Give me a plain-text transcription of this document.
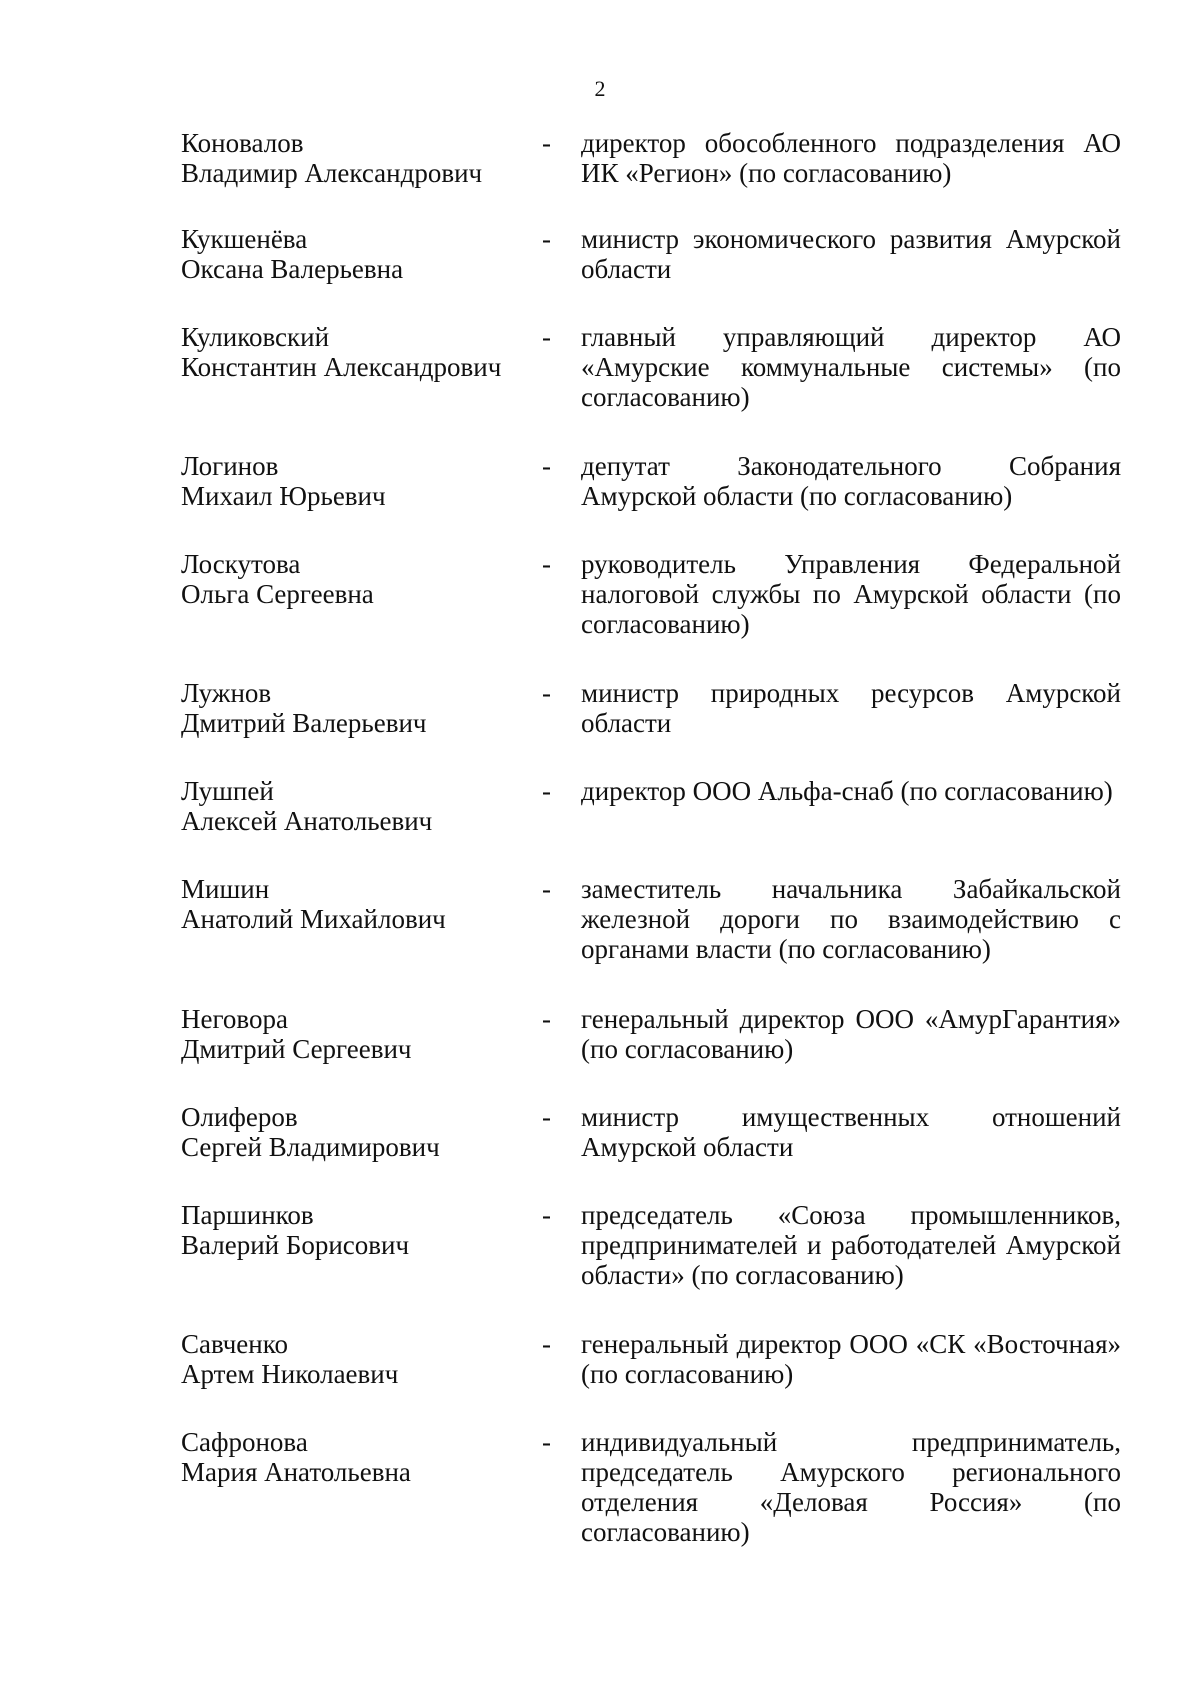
2
Коновалов
Владимир Александрович
-	директор обособленного подразделения АО ИК «Регион» (по согласованию)
Кукшенёва
Оксана Валерьевна
-	министр экономического развития Амурской области
Куликовский
Константин Александрович
-	главный управляющий директор АО «Амурские коммунальные системы» (по согласованию)
Логинов
Михаил Юрьевич
-	депутат Законодательного Собрания Амурской области (по согласованию)
Лоскутова
Ольга Сергеевна
-	руководитель Управления Федеральной налоговой службы по Амурской области (по согласованию)
Лужнов
Дмитрий Валерьевич
-	министр природных ресурсов Амурской области
Лушпей
Алексей Анатольевич
-	директор ООО Альфа-снаб (по согласованию)
Мишин
Анатолий Михайлович
-	заместитель начальника Забайкальской железной дороги по взаимодействию с органами власти (по согласованию)
Неговора
Дмитрий Сергеевич
-	генеральный директор ООО «АмурГарантия» (по согласованию)
Олиферов
Сергей Владимирович
-	министр имущественных отношений Амурской области
Паршинков
Валерий Борисович
-	председатель «Союза промышленников, предпринимателей и работодателей Амурской области» (по согласованию)
Савченко
Артем Николаевич
-	генеральный директор ООО «СК «Восточная» (по согласованию)
Сафронова
Мария Анатольевна
-	индивидуальный предприниматель, председатель Амурского регионального отделения «Деловая Россия» (по согласованию)
